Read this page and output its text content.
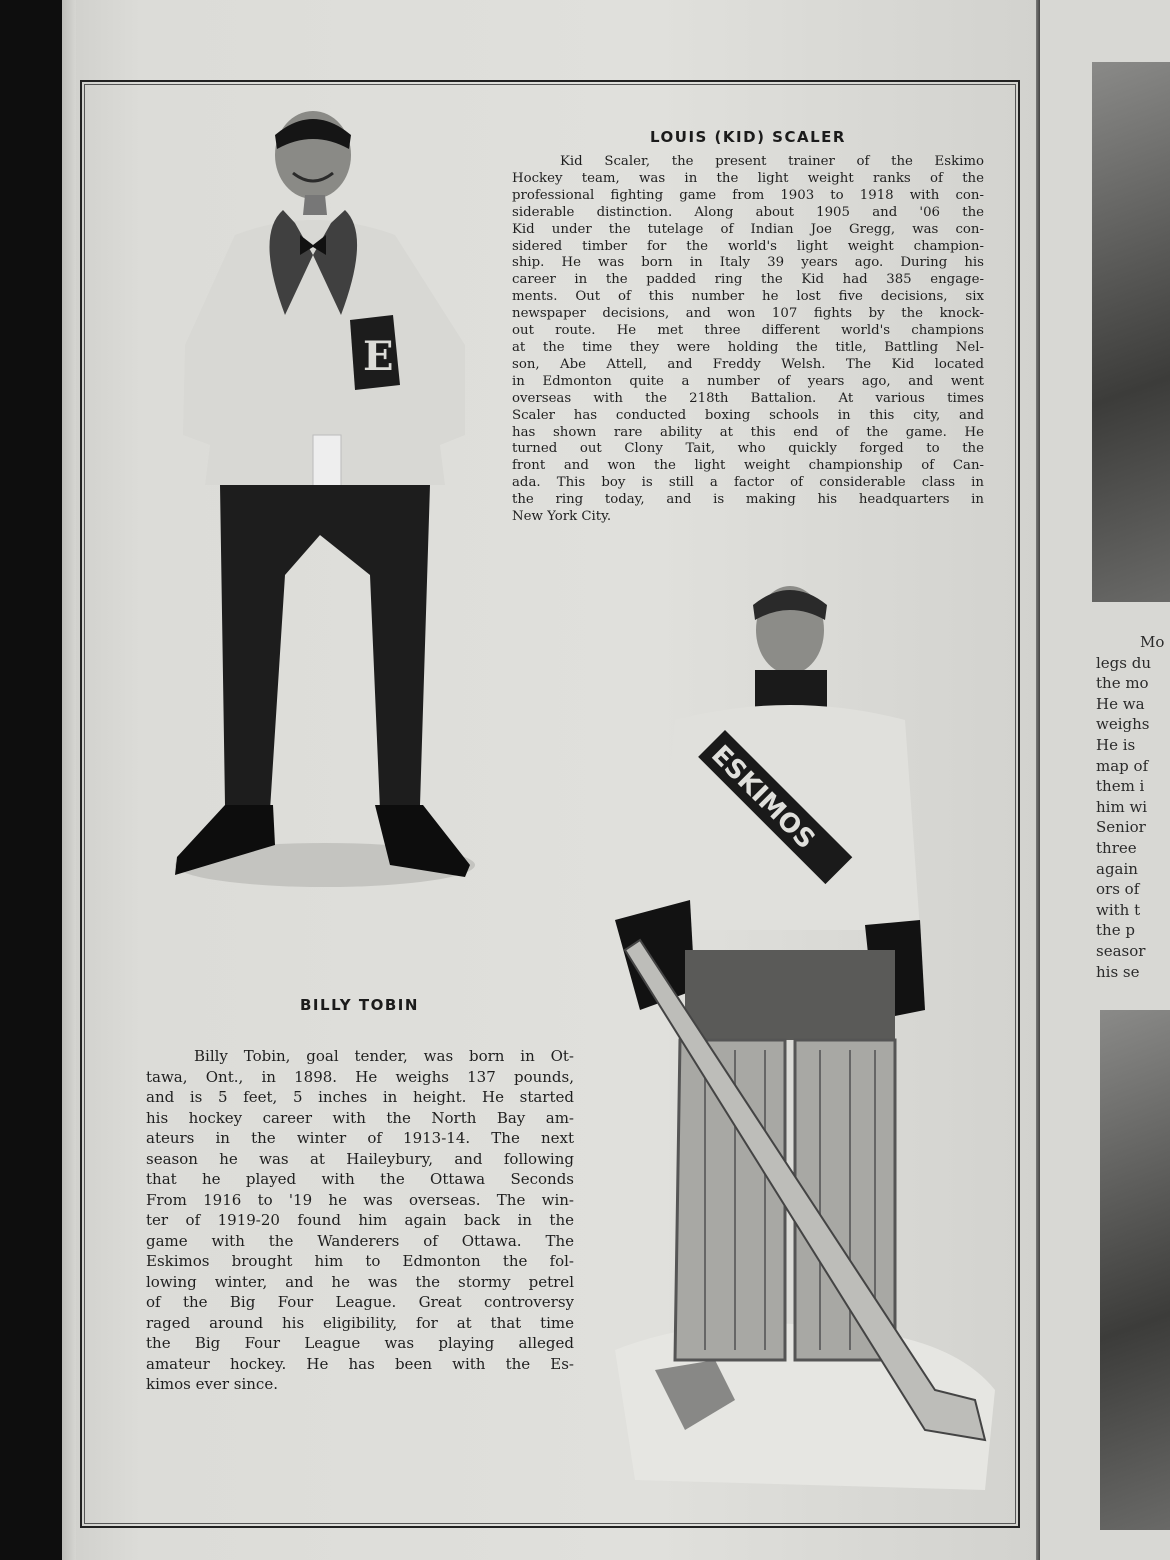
E
ESKIMOS
LOUIS (KID) SCALER
Kid Scaler, the present trainer of the Eskimo
Hockey team, was in the light weight ranks of the
professional fighting game from 1903 to 1918 with con-
siderable distinction. Along about 1905 and '06 the
Kid under the tutelage of Indian Joe Gregg, was con-
sidered timber for the world's light weight champion-
ship. He was born in Italy 39 years ago. During his
career in the padded ring the Kid had 385 engage-
ments. Out of this number he lost five decisions, six
newspaper decisions, and won 107 fights by the knock-
out route. He met three different world's champions
at the time they were holding the title, Battling Nel-
son, Abe Attell, and Freddy Welsh. The Kid located
in Edmonton quite a number of years ago, and went
overseas with the 218th Battalion. At various times
Scaler has conducted boxing schools in this city, and
has shown rare ability at this end of the game. He
turned out Clony Tait, who quickly forged to the
front and won the light weight championship of Can-
ada. This boy is still a factor of considerable class in
the ring today, and is making his headquarters in
New York City.
BILLY TOBIN
Billy Tobin, goal tender, was born in Ot-
tawa, Ont., in 1898. He weighs 137 pounds,
and is 5 feet, 5 inches in height. He started
his hockey career with the North Bay am-
ateurs in the winter of 1913-14. The next
season he was at Haileybury, and following
that he played with the Ottawa Seconds
From 1916 to '19 he was overseas. The win-
ter of 1919-20 found him again back in the
game with the Wanderers of Ottawa. The
Eskimos brought him to Edmonton the fol-
lowing winter, and he was the stormy petrel
of the Big Four League. Great controversy
raged around his eligibility, for at that time
the Big Four League was playing alleged
amateur hockey. He has been with the Es-
kimos ever since.
Mo
legs du
the mo
He wa
weighs
He is
map of
them i
him wi
Senior
three
again
ors of
with t
the p
seasor
his se
